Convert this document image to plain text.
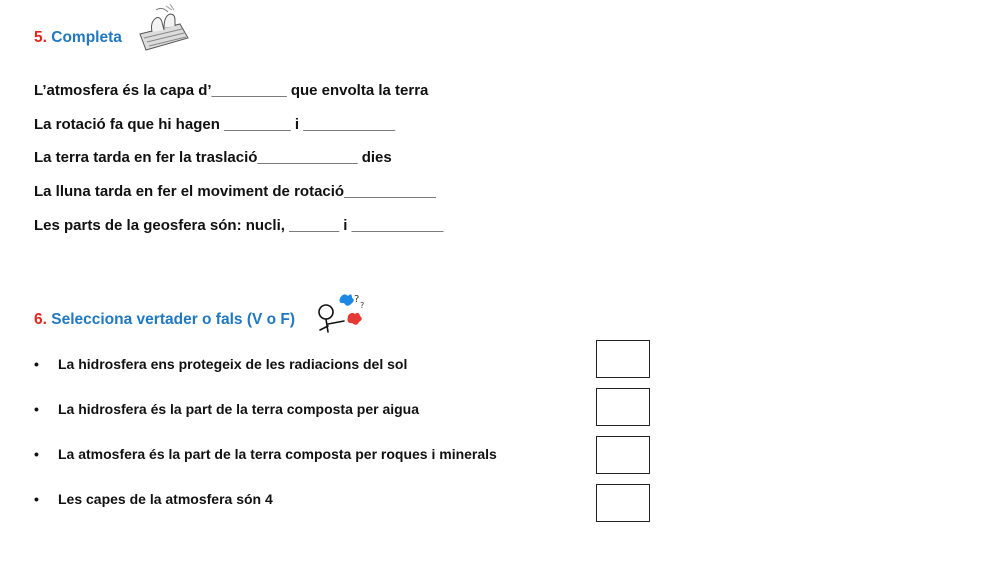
5. Completa
L’atmosfera és la capa d’_________ que envolta la terra
La rotació fa que hi hagen ________ i ___________
La terra tarda en fer la traslació____________ dies
La lluna tarda en fer el moviment de rotació___________
Les parts de la geosfera són: nucli, ______ i ___________
6. Selecciona vertader o fals (V o F)
?
?
• La hidrosfera ens protegeix de les radiacions del sol
• La hidrosfera és la part de la terra composta per aigua
• La atmosfera és la part de la terra composta per roques i minerals
• Les capes de la atmosfera són 4
